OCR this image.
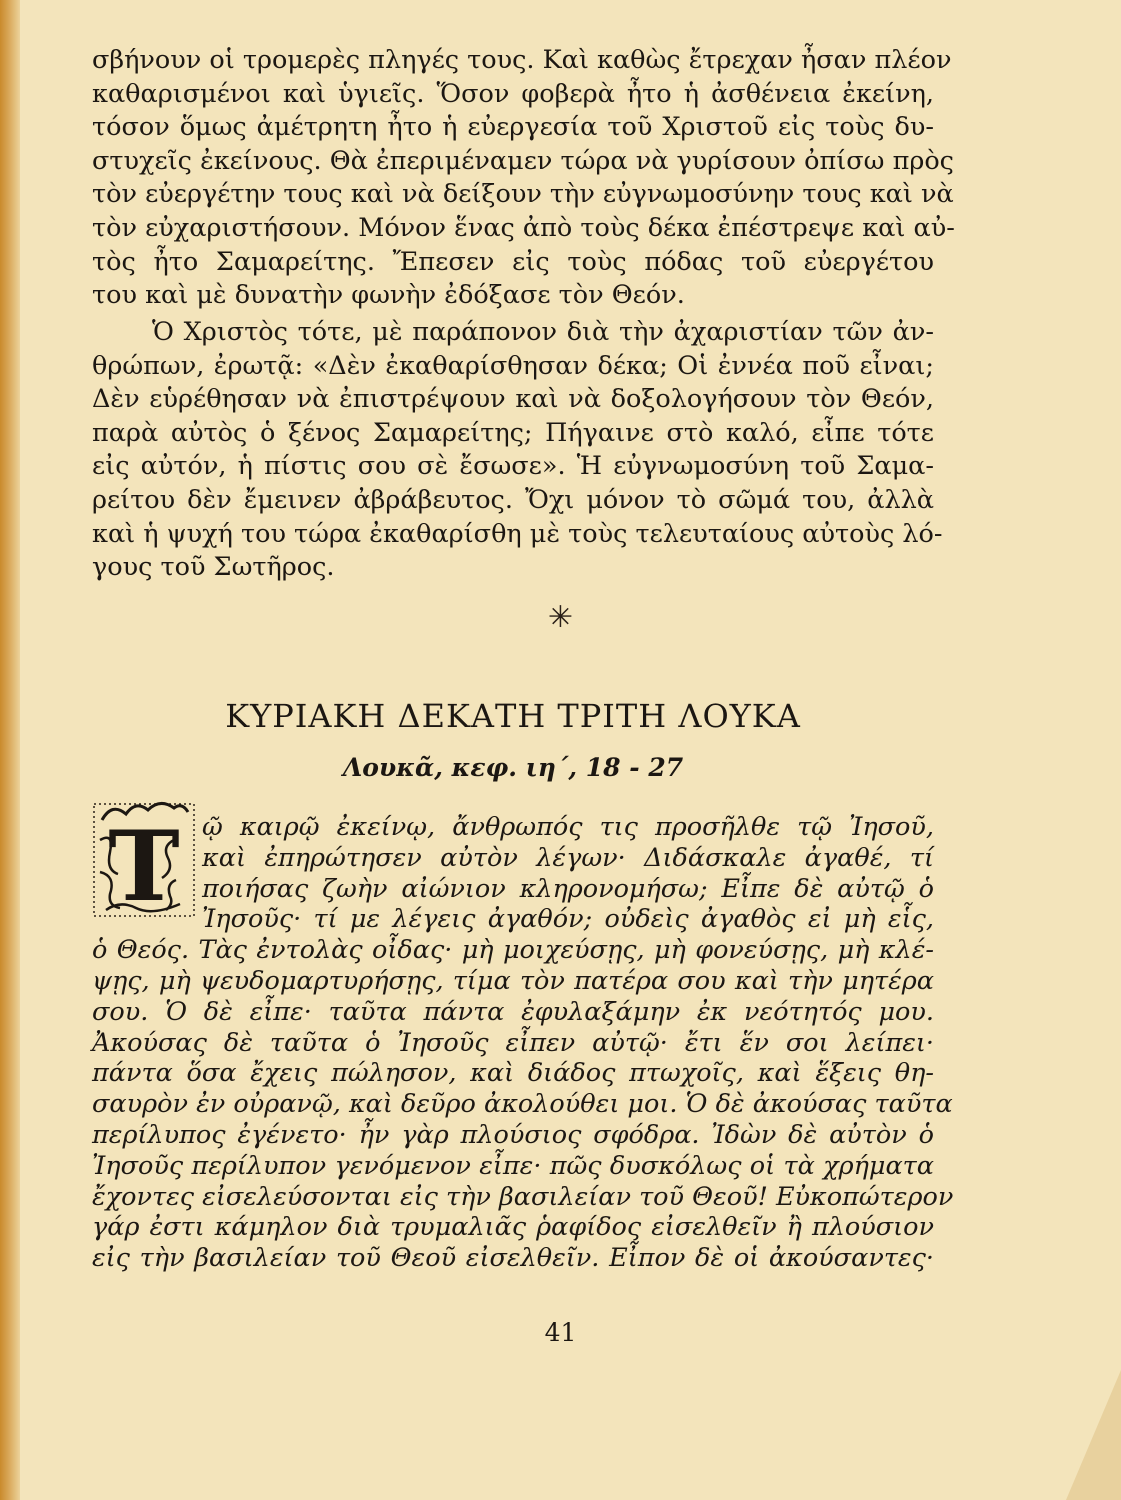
σβήνουν οἱ τρομερὲς πληγές τους. Καὶ καθὼς ἔτρεχαν ἦσαν πλέον
καθαρισμένοι καὶ ὑγιεῖς. Ὅσον φοβερὰ ἦτο ἡ ἀσθένεια ἐκείνη,
τόσον ὅμως ἀμέτρητη ἦτο ἡ εὐεργεσία τοῦ Χριστοῦ εἰς τοὺς δυ-
στυχεῖς ἐκείνους. Θὰ ἐπεριμέναμεν τώρα νὰ γυρίσουν ὀπίσω πρὸς
τὸν εὐεργέτην τους καὶ νὰ δείξουν τὴν εὐγνωμοσύνην τους καὶ νὰ
τὸν εὐχαριστήσουν. Μόνον ἕνας ἀπὸ τοὺς δέκα ἐπέστρεψε καὶ αὐ-
τὸς ἦτο Σαμαρείτης. Ἔπεσεν εἰς τοὺς πόδας τοῦ εὐεργέτου
του καὶ μὲ δυνατὴν φωνὴν ἐδόξασε τὸν Θεόν.
Ὁ Χριστὸς τότε, μὲ παράπονον διὰ τὴν ἀχαριστίαν τῶν ἀν-
θρώπων, ἐρωτᾷ: «Δὲν ἐκαθαρίσθησαν δέκα; Οἱ ἐννέα ποῦ εἶναι;
Δὲν εὑρέθησαν νὰ ἐπιστρέψουν καὶ νὰ δοξολογήσουν τὸν Θεόν,
παρὰ αὐτὸς ὁ ξένος Σαμαρείτης; Πήγαινε στὸ καλό, εἶπε τότε
εἰς αὐτόν, ἡ πίστις σου σὲ ἔσωσε». Ἡ εὐγνωμοσύνη τοῦ Σαμα-
ρείτου δὲν ἔμεινεν ἀβράβευτος. Ὄχι μόνον τὸ σῶμά του, ἀλλὰ
καὶ ἡ ψυχή του τώρα ἐκαθαρίσθη μὲ τοὺς τελευταίους αὐτοὺς λό-
γους τοῦ Σωτῆρος.
✳
ΚΥΡΙΑΚΗ ΔΕΚΑΤΗ ΤΡΙΤΗ ΛΟΥΚΑ
Λουκᾶ, κεφ. ιη΄, 18 - 27
Τ ῷ καιρῷ ἐκείνῳ, ἄνθρωπός τις προσῆλθε τῷ Ἰησοῦ,
καὶ ἐπηρώτησεν αὐτὸν λέγων· Διδάσκαλε ἀγαθέ, τί
ποιήσας ζωὴν αἰώνιον κληρονομήσω; Εἶπε δὲ αὐτῷ ὁ
Ἰησοῦς· τί με λέγεις ἀγαθόν; οὐδεὶς ἀγαθὸς εἰ μὴ εἷς,
ὁ Θεός. Τὰς ἐντολὰς οἶδας· μὴ μοιχεύσῃς, μὴ φονεύσῃς, μὴ κλέ-
ψῃς, μὴ ψευδομαρτυρήσῃς, τίμα τὸν πατέρα σου καὶ τὴν μητέρα
σου. Ὁ δὲ εἶπε· ταῦτα πάντα ἐφυλαξάμην ἐκ νεότητός μου.
Ἀκούσας δὲ ταῦτα ὁ Ἰησοῦς εἶπεν αὐτῷ· ἔτι ἕν σοι λείπει·
πάντα ὅσα ἔχεις πώλησον, καὶ διάδος πτωχοῖς, καὶ ἕξεις θη-
σαυρὸν ἐν οὐρανῷ, καὶ δεῦρο ἀκολούθει μοι. Ὁ δὲ ἀκούσας ταῦτα
περίλυπος ἐγένετο· ἦν γὰρ πλούσιος σφόδρα. Ἰδὼν δὲ αὐτὸν ὁ
Ἰησοῦς περίλυπον γενόμενον εἶπε· πῶς δυσκόλως οἱ τὰ χρήματα
ἔχοντες εἰσελεύσονται εἰς τὴν βασιλείαν τοῦ Θεοῦ! Εὐκοπώτερον
γάρ ἐστι κάμηλον διὰ τρυμαλιᾶς ῥαφίδος εἰσελθεῖν ἢ πλούσιον
εἰς τὴν βασιλείαν τοῦ Θεοῦ εἰσελθεῖν. Εἶπον δὲ οἱ ἀκούσαντες·
41
